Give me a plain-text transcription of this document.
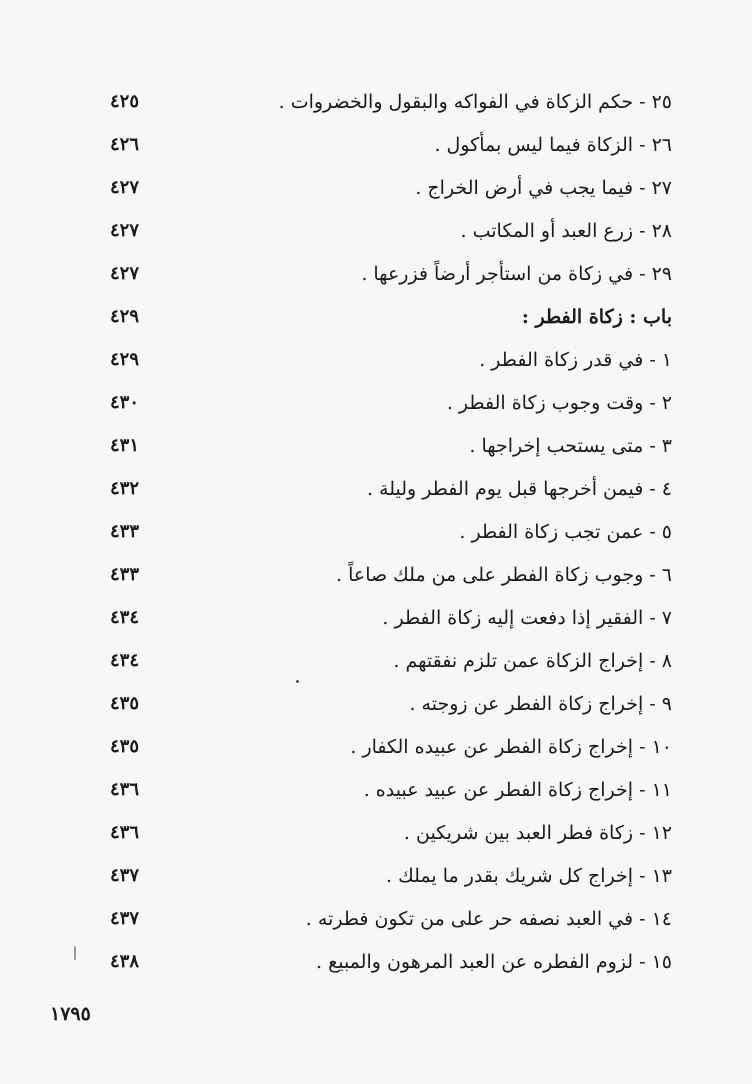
٢٥ - حكم الزكاة في الفواكه والبقول والخضروات .
٤٢٥
٢٦ - الزكاة فيما ليس بمأكول .
٤٢٦
٢٧ - فيما يجب في أرض الخراج .
٤٢٧
٢٨ - زرع العبد أو المكاتب .
٤٢٧
٢٩ - في زكاة من استأجر أرضاً فزرعها .
٤٢٧
باب : زكاة الفطر :
٤٢٩
١ - في قدر زكاة الفطر .
٤٢٩
٢ - وقت وجوب زكاة الفطر .
٤٣٠
٣ - متى يستحب إخراجها .
٤٣١
٤ - فيمن أخرجها قبل يوم الفطر وليلة .
٤٣٢
٥ - عمن تجب زكاة الفطر .
٤٣٣
٦ - وجوب زكاة الفطر على من ملك صاعاً .
٤٣٣
٧ - الفقير إذا دفعت إليه زكاة الفطر .
٤٣٤
٨ - إخراج الزكاة عمن تلزم نفقتهم .
٤٣٤
٩ - إخراج زكاة الفطر عن زوجته .
٤٣٥
١٠ - إخراج زكاة الفطر عن عبيده الكفار .
٤٣٥
١١ - إخراج زكاة الفطر عن عبيد عبيده .
٤٣٦
١٢ - زكاة فطر العبد بين شريكين .
٤٣٦
١٣ - إخراج كل شريك بقدر ما يملك .
٤٣٧
١٤ - في العبد نصفه حر على من تكون فطرته .
٤٣٧
١٥ - لزوم الفطره عن العبد المرهون والمبيع .
٤٣٨
١٧٩٥
